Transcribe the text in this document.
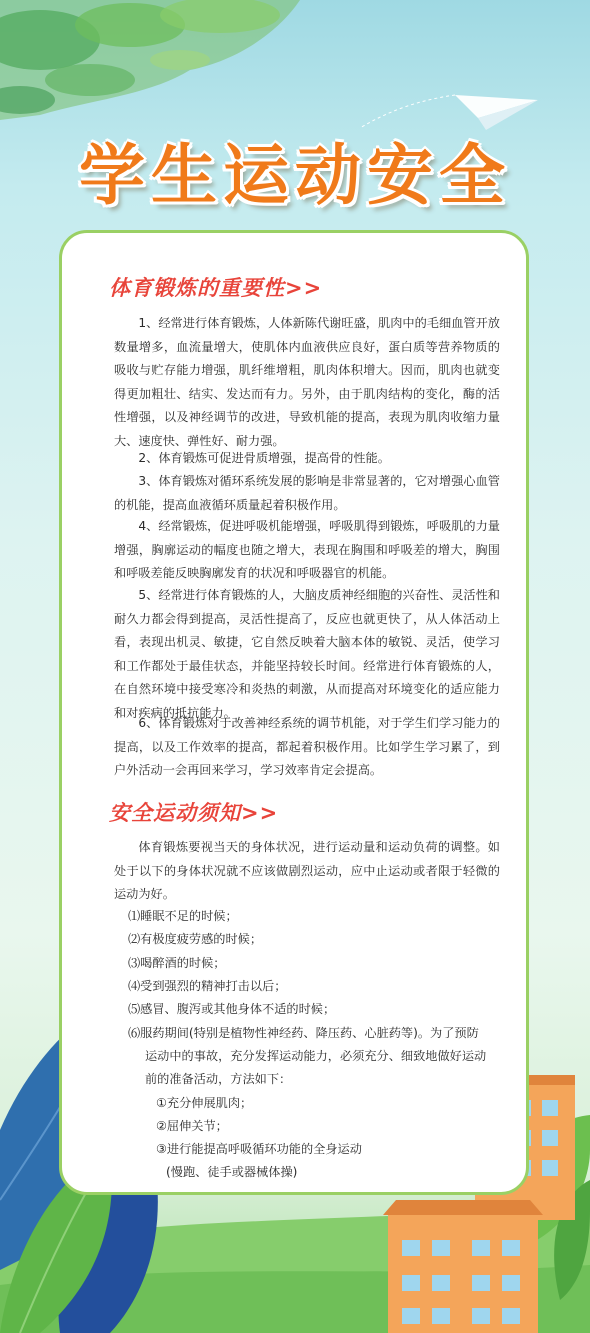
学生运动安全
体育锻炼的重要性>>
1、经常进行体育锻炼，人体新陈代谢旺盛，肌肉中的毛细血管开放数量增多，血流量增大，使肌体内血液供应良好，蛋白质等营养物质的吸收与贮存能力增强，肌纤维增粗，肌肉体积增大。因而，肌肉也就变得更加粗壮、结实、发达而有力。另外，由于肌肉结构的变化，酶的活性增强，以及神经调节的改进，导致机能的提高，表现为肌肉收缩力量大、速度快、弹性好、耐力强。
2、体育锻炼可促进骨质增强，提高骨的性能。
3、体育锻炼对循环系统发展的影响是非常显著的，它对增强心血管的机能，提高血液循环质量起着积极作用。
4、经常锻炼，促进呼吸机能增强，呼吸肌得到锻炼，呼吸肌的力量增强，胸廓运动的幅度也随之增大，表现在胸围和呼吸差的增大，胸围和呼吸差能反映胸廓发育的状况和呼吸器官的机能。
5、经常进行体育锻炼的人，大脑皮质神经细胞的兴奋性、灵活性和耐久力都会得到提高，灵活性提高了，反应也就更快了，从人体活动上看，表现出机灵、敏捷，它自然反映着大脑本体的敏锐、灵活，使学习和工作都处于最佳状态，并能坚持较长时间。经常进行体育锻炼的人，在自然环境中接受寒冷和炎热的刺激，从而提高对环境变化的适应能力和对疾病的抵抗能力。
6、体育锻炼对于改善神经系统的调节机能，对于学生们学习能力的提高，以及工作效率的提高，都起着积极作用。比如学生学习累了，到户外活动一会再回来学习，学习效率肯定会提高。
安全运动须知>>
体育锻炼要视当天的身体状况，进行运动量和运动负荷的调整。如处于以下的身体状况就不应该做剧烈运动，应中止运动或者限于轻微的运动为好。
⑴睡眠不足的时候；
⑵有极度疲劳感的时候；
⑶喝醉酒的时候；
⑷受到强烈的精神打击以后；
⑸感冒、腹泻或其他身体不适的时候；
⑹服药期间(特别是植物性神经药、降压药、心脏药等)。为了预防
运动中的事故，充分发挥运动能力，必须充分、细致地做好运动
前的准备活动，方法如下：
①充分伸展肌肉；
②屈伸关节；
③进行能提高呼吸循环功能的全身运动
(慢跑、徒手或器械体操)
